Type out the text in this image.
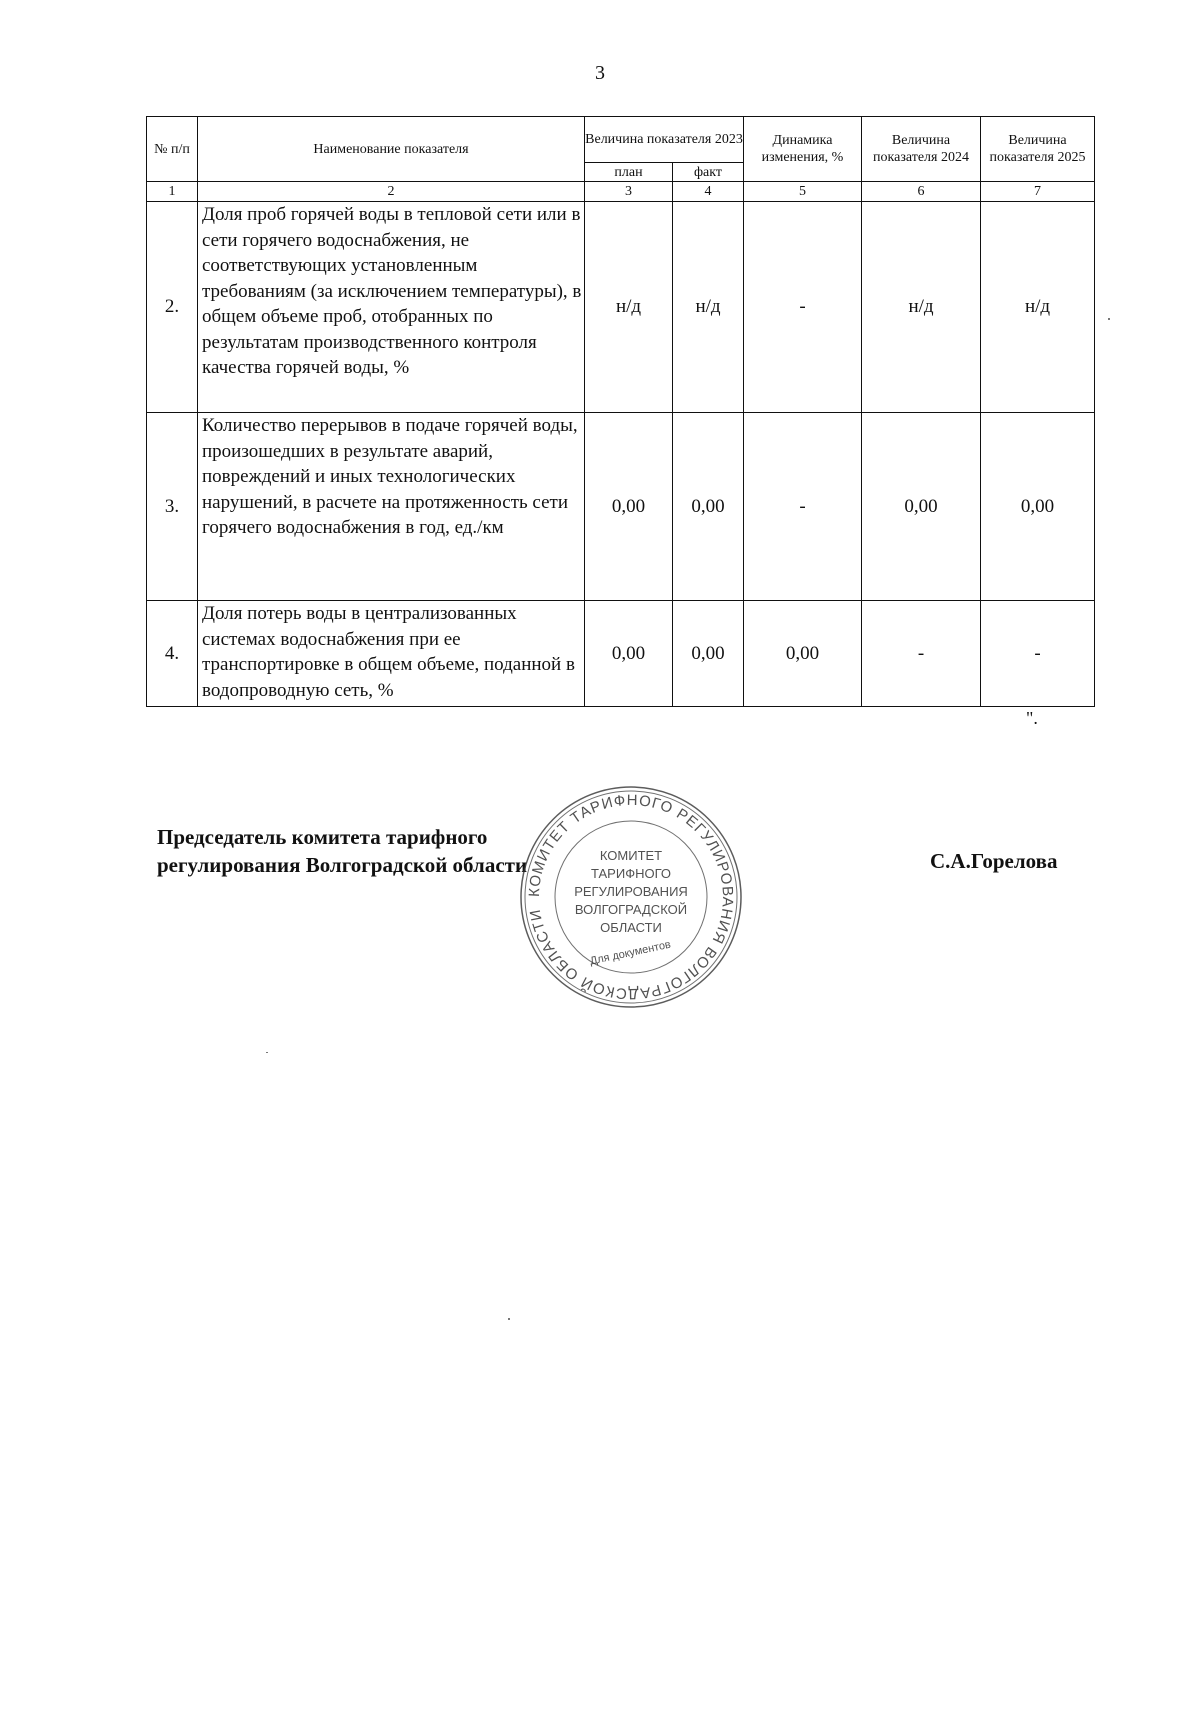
3
№ п/п	Наименование показателя	Величина показателя 2023		Динамика изменения, %	Величина показателя 2024	Величина показателя 2025
		план	факт			
1	2	3	4	5	6	7
2.	Доля проб горячей воды в тепловой сети или в сети горячего водоснабжения, не соответствующих установленным требованиям (за исключением температуры), в общем объеме проб, отобранных по результатам производственного контроля качества горячей воды, %	н/д	н/д	-	н/д	н/д
3.	Количество перерывов в подаче горячей воды, произошедших в результате аварий, повреждений и иных технологических нарушений, в расчете на протяженность сети горячего водоснабжения в год, ед./км	0,00	0,00	-	0,00	0,00
4.	Доля потерь воды в централизованных системах водоснабжения при ее транспортировке в общем объеме, поданной в водопроводную сеть, %	0,00	0,00	0,00	-	-
".
Председатель комитета тарифного
регулирования Волгоградской области	С.А.Горелова
КОМИТЕТ ТАРИФНОГО РЕГУЛИРОВАНИЯ ВОЛГОГРАДСКОЙ ОБЛАСТИ
КОМИТЕТ
ТАРИФНОГО
РЕГУЛИРОВАНИЯ
ВОЛГОГРАДСКОЙ
ОБЛАСТИ
Для документов
